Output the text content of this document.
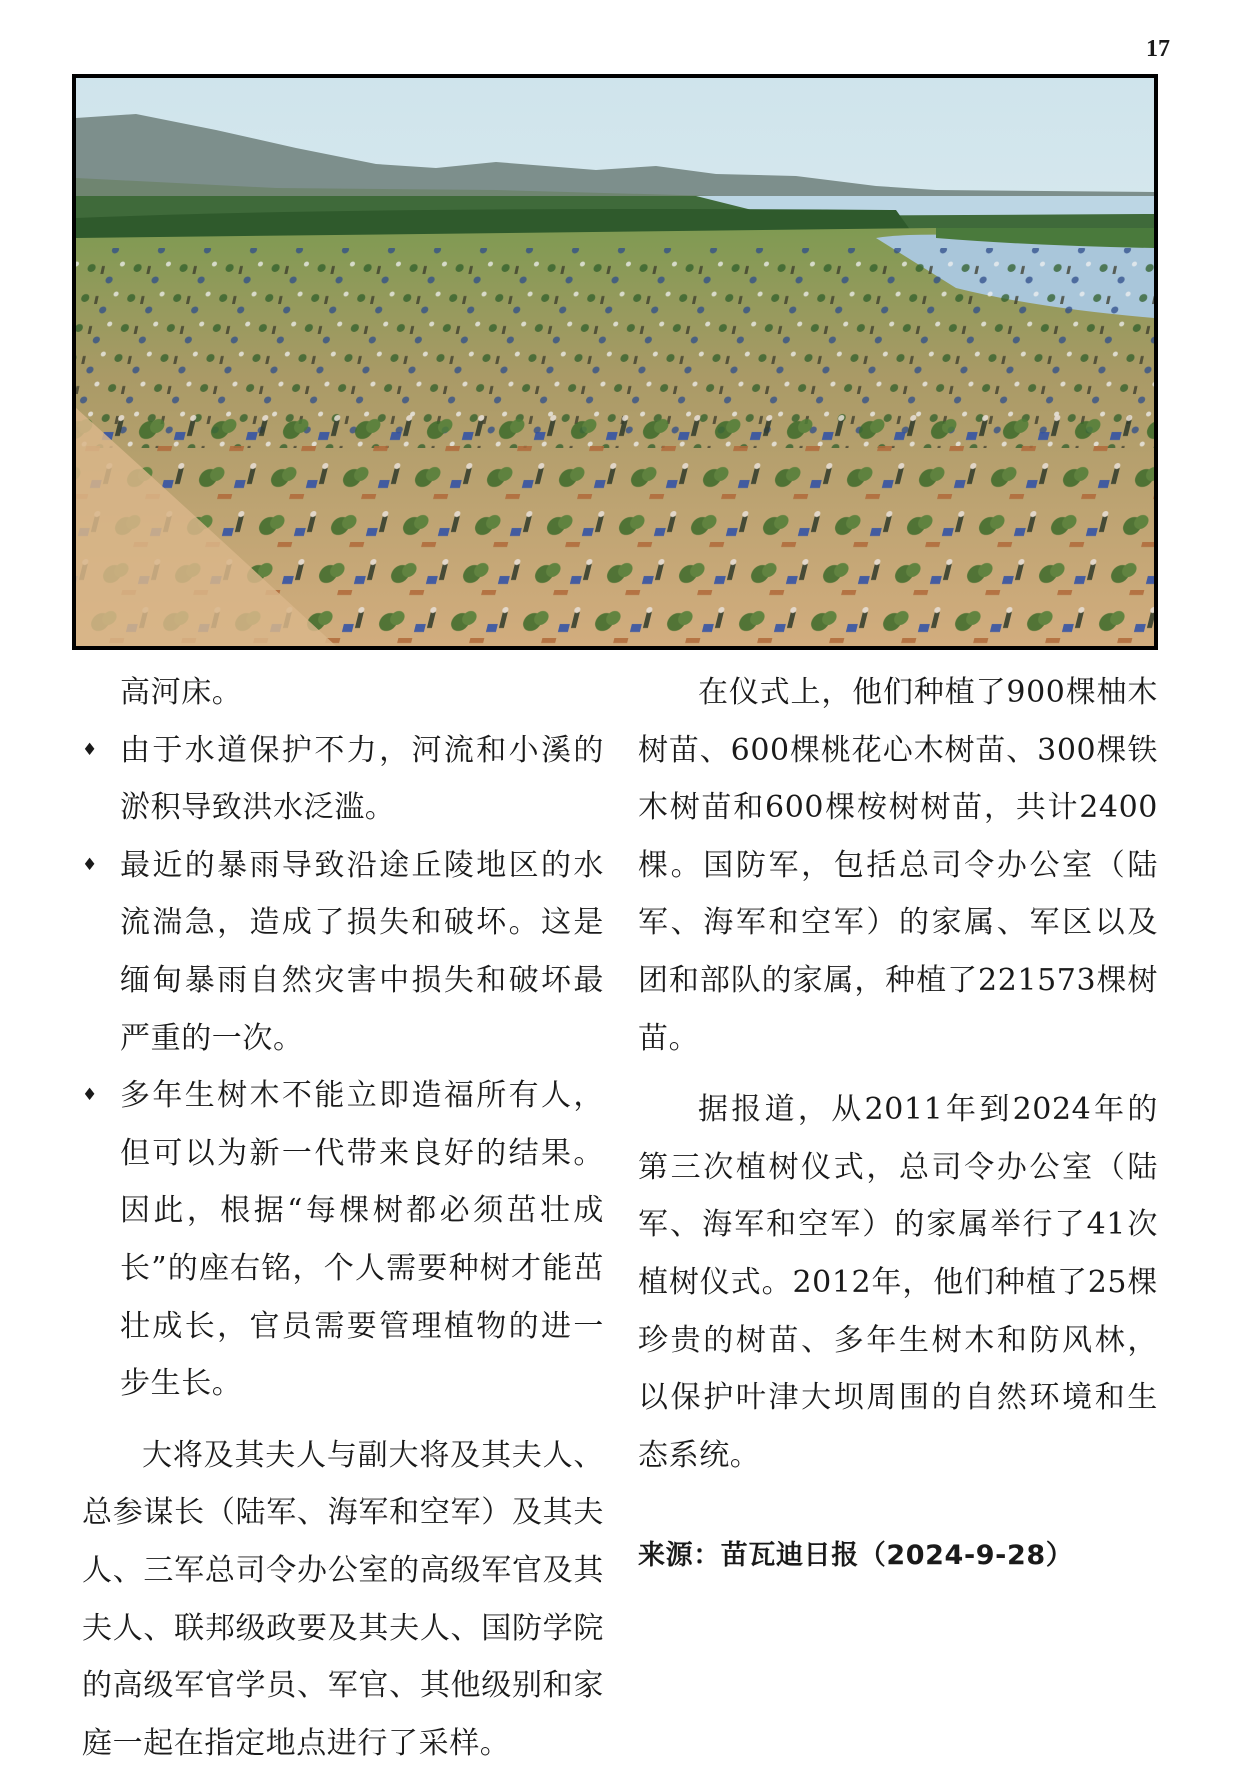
17

高河床。

♦ 由于水道保护不力，河流和小溪的淤积导致洪水泛滥。

♦ 最近的暴雨导致沿途丘陵地区的水流湍急，造成了损失和破坏。这是缅甸暴雨自然灾害中损失和破坏最严重的一次。

♦ 多年生树木不能立即造福所有人，但可以为新一代带来良好的结果。因此，根据“每棵树都必须茁壮成长”的座右铭，个人需要种树才能茁壮成长，官员需要管理植物的进一步生长。

大将及其夫人与副大将及其夫人、总参谋长（陆军、海军和空军）及其夫人、三军总司令办公室的高级军官及其夫人、联邦级政要及其夫人、国防学院的高级军官学员、军官、其他级别和家庭一起在指定地点进行了采样。

在仪式上，他们种植了900棵柚木树苗、600棵桃花心木树苗、300棵铁木树苗和600棵桉树树苗，共计2400棵。国防军，包括总司令办公室（陆军、海军和空军）的家属、军区以及团和部队的家属，种植了221573棵树苗。

据报道，从2011年到2024年的第三次植树仪式，总司令办公室（陆军、海军和空军）的家属举行了41次植树仪式。2012年，他们种植了25棵珍贵的树苗、多年生树木和防风林，以保护叶津大坝周围的自然环境和生态系统。

来源：苗瓦迪日报（2024-9-28）
